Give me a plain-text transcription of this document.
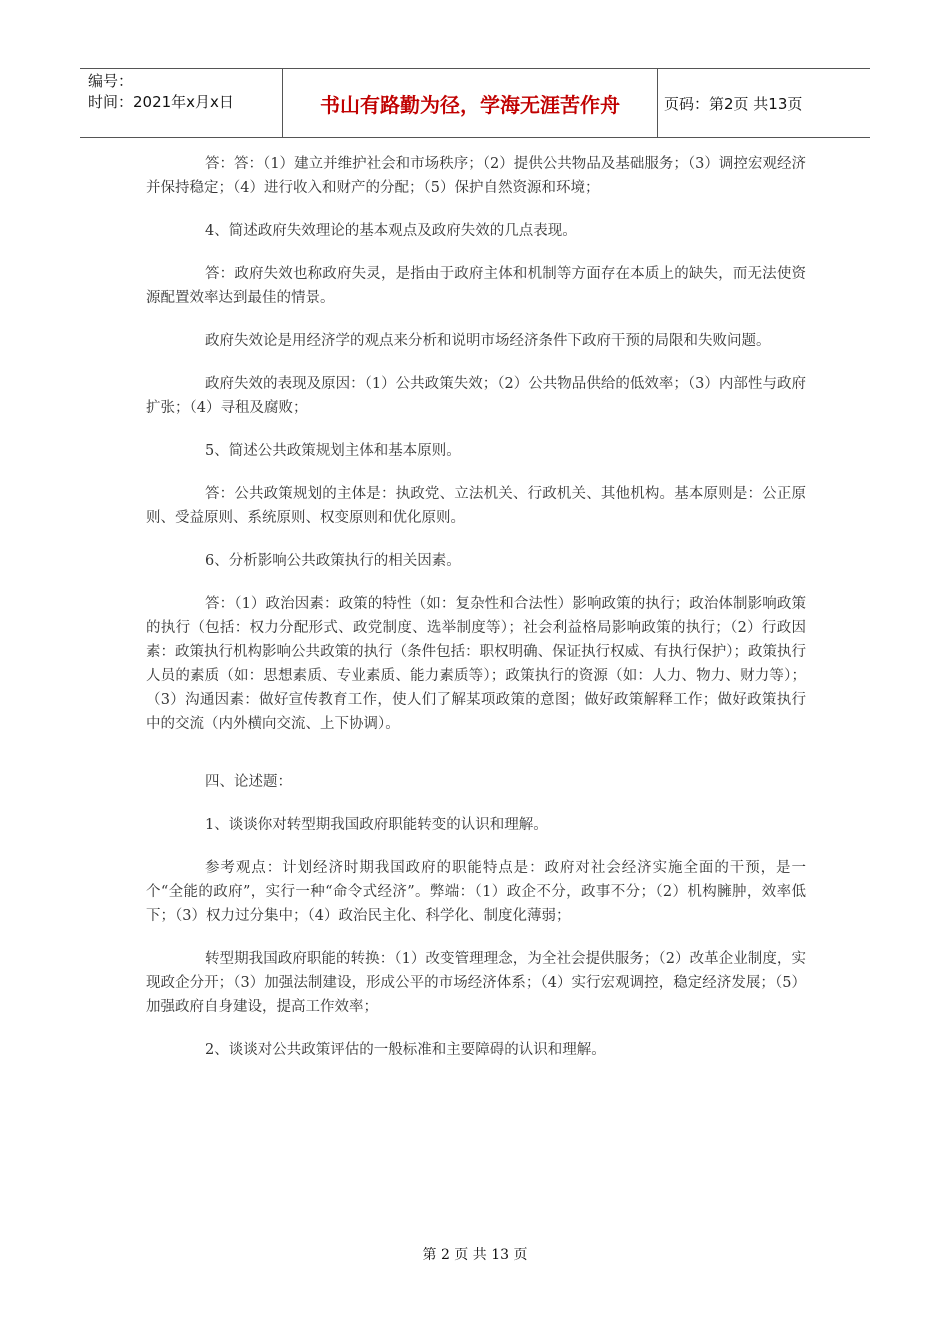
编号：
时间：2021年x月x日	书山有路勤为径，学海无涯苦作舟	页码：第2页 共13页

答：答：（1）建立并维护社会和市场秩序；（2）提供公共物品及基础服务；（3）调控宏观经济并保持稳定；（4）进行收入和财产的分配；（5）保护自然资源和环境；

4、简述政府失效理论的基本观点及政府失效的几点表现。

答：政府失效也称政府失灵，是指由于政府主体和机制等方面存在本质上的缺失，而无法使资源配置效率达到最佳的情景。

政府失效论是用经济学的观点来分析和说明市场经济条件下政府干预的局限和失败问题。

政府失效的表现及原因：（1）公共政策失效；（2）公共物品供给的低效率；（3）内部性与政府扩张；（4）寻租及腐败；

5、简述公共政策规划主体和基本原则。

答：公共政策规划的主体是：执政党、立法机关、行政机关、其他机构。基本原则是：公正原则、受益原则、系统原则、权变原则和优化原则。

6、分析影响公共政策执行的相关因素。

答：（1）政治因素：政策的特性（如：复杂性和合法性）影响政策的执行；政治体制影响政策的执行（包括：权力分配形式、政党制度、选举制度等）；社会利益格局影响政策的执行；（2）行政因素：政策执行机构影响公共政策的执行（条件包括：职权明确、保证执行权威、有执行保护）；政策执行人员的素质（如：思想素质、专业素质、能力素质等）；政策执行的资源（如：人力、物力、财力等）；（3）沟通因素：做好宣传教育工作，使人们了解某项政策的意图；做好政策解释工作；做好政策执行中的交流（内外横向交流、上下协调）。

四、论述题：

1、谈谈你对转型期我国政府职能转变的认识和理解。

参考观点：计划经济时期我国政府的职能特点是：政府对社会经济实施全面的干预，是一个“全能的政府”，实行一种“命令式经济”。弊端：（1）政企不分，政事不分；（2）机构臃肿，效率低下；（3）权力过分集中；（4）政治民主化、科学化、制度化薄弱；

转型期我国政府职能的转换：（1）改变管理理念，为全社会提供服务；（2）改革企业制度，实现政企分开；（3）加强法制建设，形成公平的市场经济体系；（4）实行宏观调控，稳定经济发展；（5）加强政府自身建设，提高工作效率；

2、谈谈对公共政策评估的一般标准和主要障碍的认识和理解。

第 2 页 共 13 页
